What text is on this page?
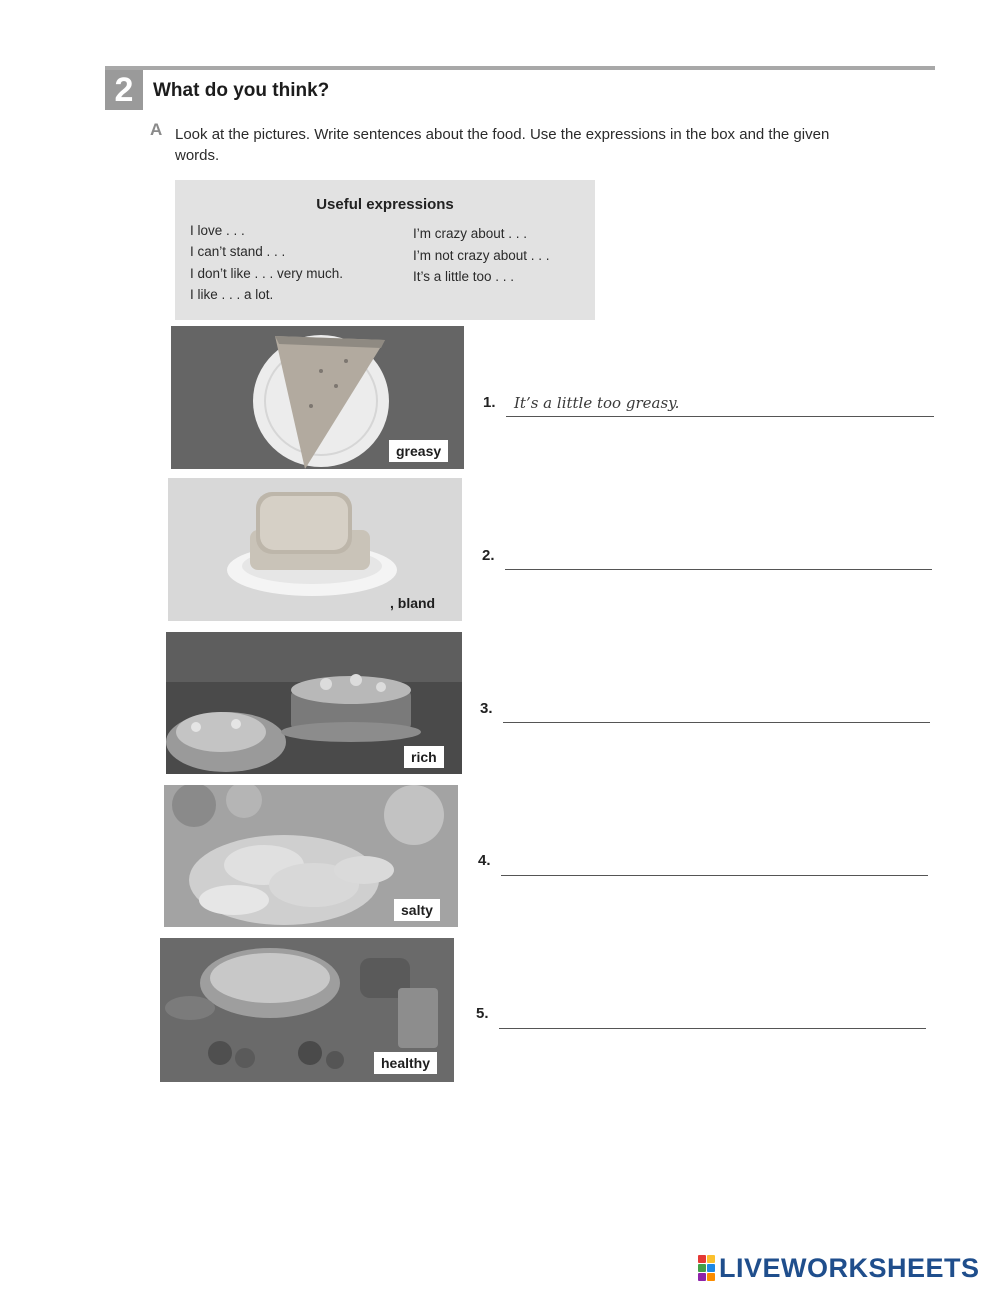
2	What do you think?
A Look at the pictures. Write sentences about the food. Use the expressions in the box and the given words.
Useful expressions
I love . . .
I can’t stand . . .
I don’t like . . . very much.
I like . . . a lot.
I’m crazy about . . .
I’m not crazy about . . .
It’s a little too . . .
greasy
, bland
rich
salty
healthy
1. It’s a little too greasy.
2.
3.
4.
5.
LIVEWORKSHEETS
